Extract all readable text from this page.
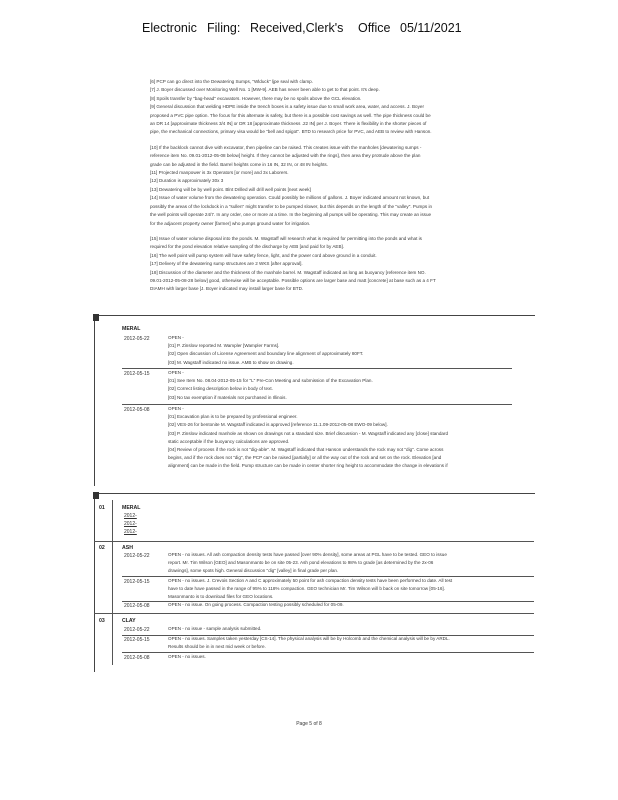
Electronic Filing: Received,Clerk's Office 05/11/2021
[6] PCP can go direct into the Dewatering Sumps, "Wlduck" ljpe seal with clamp.
[7] J. Boyer discussed over Monitoring Well No. 1 [MW-9]. AEB has never been able to get to that point. It's deep.
[8] Spoils transfer by "bag-head" excavators. However, there may be no spoils above the GCL elevation.
[9] General discussion that welding HDPE inside the trench boxes is a safety issue due to small work area, water, and access. J. Boyer
proposed a PVC pipe option. The focus for this alternate is safety, but there is a possible cost savings as well. The pipe thickness could be
an DR 14 [approximate thickness 3/4 IN] or DR 18 [approximate thickness .22 IN] per J. Boyer. There is flexibility in the shorter pieces of
pipe, the mechanical connections, primary visa would be "bell and spigot". BTD to research price for PVC, and AEB to review with Hanson.
[10] If the backlock cannot dive with excavator, then pipeline can be raised. This creates issue with the manholes [dewatering sumps -
reference item No. 09.01-2012-05-08 below] height. If they cannot be adjusted with the rings], then area they protrude above the plan
grade can be adjusted in the field. Barrel heights come in 16 IN, 32 IN, or 48 IN heights.
[11] Projected manpower is 3x Operators [or more] and 3x Laborers.
[12] Duration is approximately 30x 3
[13] Dewatering will be by well point. Blnt Drilled will drill well points [next week]
[14] Issue of water volume from the dewatering operation. Could possibly be millions of gallons. J. Boyer indicated amount not known, but
possibly the areas of the lockdock in a "sullen" might transfer to be pumped slower, but this depends on the length of the "valley". Pumps in
the well points will operate 24/7. In any order, one or more at a time. In the beginning all pumps will be operating. This may create an issue
for the adjacent property owner [farmer] who pumps ground water for irrigation.
[15] Issue of water volume disposal into the ponds. M. Wagstaff will research what is required for permitting into the ponds and what is
required for the pond elevation relative sampling of the discharge by AEB [and paid for by AEB].
[16] The well point will pump system will have safety fence, light, and the power cord above ground in a conduit.
[17] Delivery of the dewatering sump structures are 2 WKS [after approval].
[18] Discussion of the diameter and the thickness of the manhole barrel. M. Wagstaff indicated as long as buoyancy [reference item NO.
09.01-2012-05-08-28 below] good, otherwise will be acceptable. Possible options are larger base and matt [concrete] at base such as a 4 FT
DIAMH with larger base [J. Boyer indicated may install larger base for BTD.
MERAL
2012-05-22	OPEN -
[01] P. Zinslow reported M. Wampler [Wampler Farms].
[02] Open discussion of License Agreement and boundary line alignment of approximately 80FT.
[03] M. Wagstaff indicated no issue. AMB to show on drawing.
2012-05-15	OPEN -
[01] See Item No. 08.04-2012-05-15 for "L" Pre-Con Meeting and submission of the Excavation Plan.
[02] Correct listing description below in body of text.
[03] No tax exemption if materials not purchased in Illinois.
2012-05-08	OPEN -
[01] Excavation plan is to be prepared by professional engineer.
[02] VES-26 for bentonite M. Wagstaff indicated is approved [reference 11.1.09-2012-05-08 EWO-09 below].
[03] P. Zinslow indicated manhole as shown on drawings not a standard size. Brief discussion - M. Wagstaff indicated any [close] standard
static acceptable if the buoyancy calculations are approved.
[04] Review of process if the rock is not "dig-able". M. Wagstaff indicated that Hanson understands the rock may not "dig". Come across
begins, and if the rock does not "dig", the PCP can be raised [partially] or all the way out of the rock and set on the rock. Elevation [and
alignment] can be made in the field. Pump structure can be made in center shorter ring height to accommodate the change in elevations if
01	MERAL
2012-
2012-
2012-
02	ASH
2012-05-22	OPEN - no issues. All ash compaction density tests have passed [over 90% density], some areas at PGL have to be tested. GEO to issue
report. Mr. Tim Wilson [GEO] and Masonmanto be on site 05-23. Ash pond elevations to 98% to grade [as determined by the 2x-06
drawings], some spots high. General discussion "dig" [valley] in final grade per plan.
2012-05-15	OPEN - no issues. J. Crevois Section A and C approximately 50 point for ash compaction density tests have been performed to date. All test
have to date have passed in the range of 95% to 118% compaction. GEO technician Mr. Tim Wilson will b back on site tomorrow [05-16].
Masonmanto is to download files for GEO locations.
2012-05-08	OPEN - no issue. On going process. Compaction testing possibly scheduled for 05-09.
03	CLAY
2012-05-22	OPEN - no issue - sample analysis submitted.
2012-05-15	OPEN - no issues. Samples taken yesterday [CS-14]. The physical analysis will be by Holcomb and the chemical analysis will be by ARDL.
Results should be in in next mid week or before.
2012-05-08	OPEN - no issues.
Page 5 of 8
